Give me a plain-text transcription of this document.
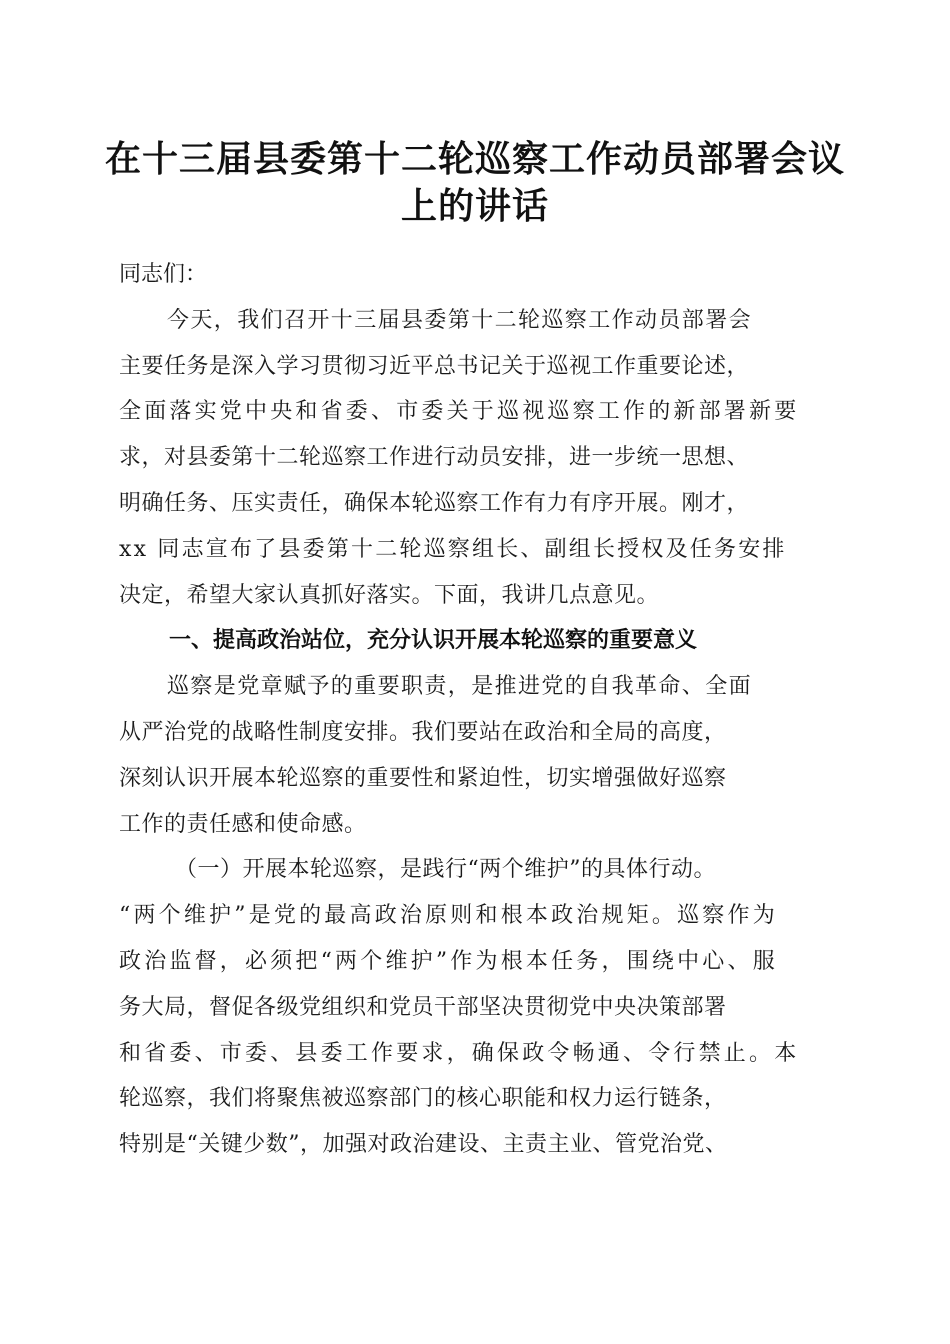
在十三届县委第十二轮巡察工作动员部署会议
上的讲话
同志们：
今天，我们召开十三届县委第十二轮巡察工作动员部署会
主要任务是深入学习贯彻习近平总书记关于巡视工作重要论述，
全面落实党中央和省委、市委关于巡视巡察工作的新部署新要
求，对县委第十二轮巡察工作进行动员安排，进一步统一思想、
明确任务、压实责任，确保本轮巡察工作有力有序开展。刚才，
xx 同志宣布了县委第十二轮巡察组长、副组长授权及任务安排
决定，希望大家认真抓好落实。下面，我讲几点意见。
一、提高政治站位，充分认识开展本轮巡察的重要意义
巡察是党章赋予的重要职责，是推进党的自我革命、全面
从严治党的战略性制度安排。我们要站在政治和全局的高度，
深刻认识开展本轮巡察的重要性和紧迫性，切实增强做好巡察
工作的责任感和使命感。
（一）开展本轮巡察，是践行“两个维护”的具体行动。
“两个维护”是党的最高政治原则和根本政治规矩。巡察作为
政治监督，必须把“两个维护”作为根本任务，围绕中心、服
务大局，督促各级党组织和党员干部坚决贯彻党中央决策部署
和省委、市委、县委工作要求，确保政令畅通、令行禁止。本
轮巡察，我们将聚焦被巡察部门的核心职能和权力运行链条，
特别是“关键少数”，加强对政治建设、主责主业、管党治党、
